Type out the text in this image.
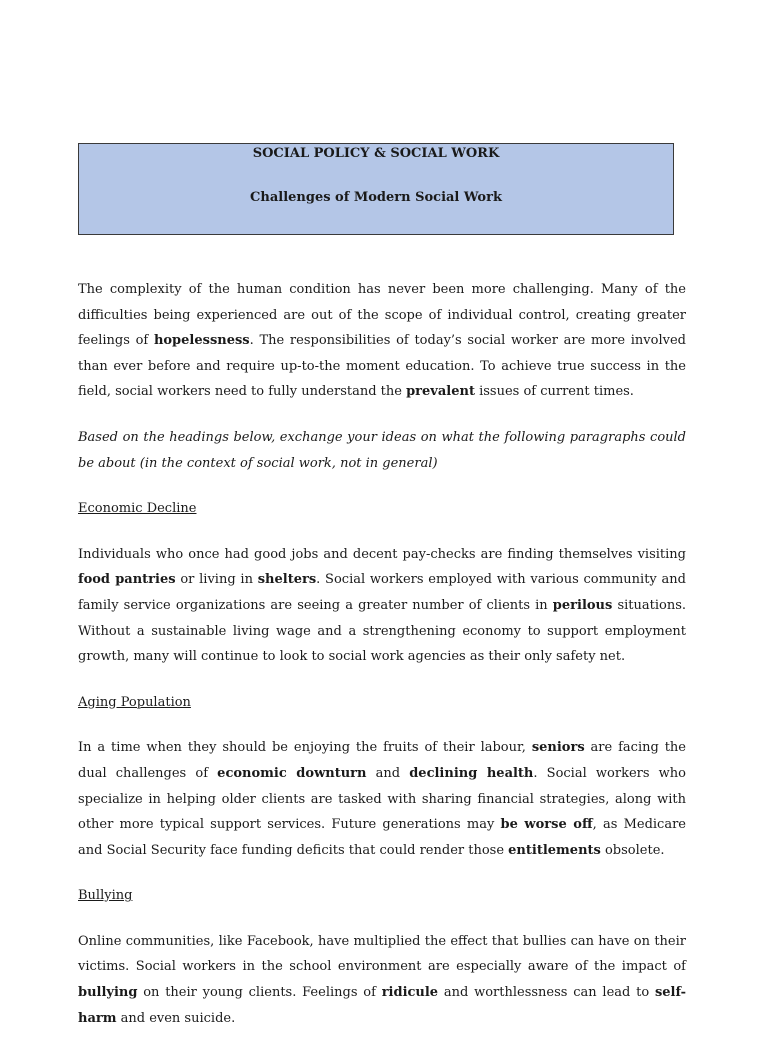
SOCIAL POLICY & SOCIAL WORK
Challenges of Modern Social Work

The complexity of the human condition has never been more challenging. Many of the difficulties being experienced are out of the scope of individual control, creating greater feelings of hopelessness. The responsibilities of today’s social worker are more involved than ever before and require up-to-the moment education. To achieve true success in the field, social workers need to fully understand the prevalent issues of current times.

Based on the headings below, exchange your ideas on what the following paragraphs could be about (in the context of social work, not in general)

Economic Decline

Individuals who once had good jobs and decent pay-checks are finding themselves visiting food pantries or living in shelters. Social workers employed with various community and family service organizations are seeing a greater number of clients in perilous situations. Without a sustainable living wage and a strengthening economy to support employment growth, many will continue to look to social work agencies as their only safety net.

Aging Population

In a time when they should be enjoying the fruits of their labour, seniors are facing the dual challenges of economic downturn and declining health. Social workers who specialize in helping older clients are tasked with sharing financial strategies, along with other more typical support services. Future generations may be worse off, as Medicare and Social Security face funding deficits that could render those entitlements obsolete.

Bullying

Online communities, like Facebook, have multiplied the effect that bullies can have on their victims. Social workers in the school environment are especially aware of the impact of bullying on their young clients. Feelings of ridicule and worthlessness can lead to self-harm and even suicide.
